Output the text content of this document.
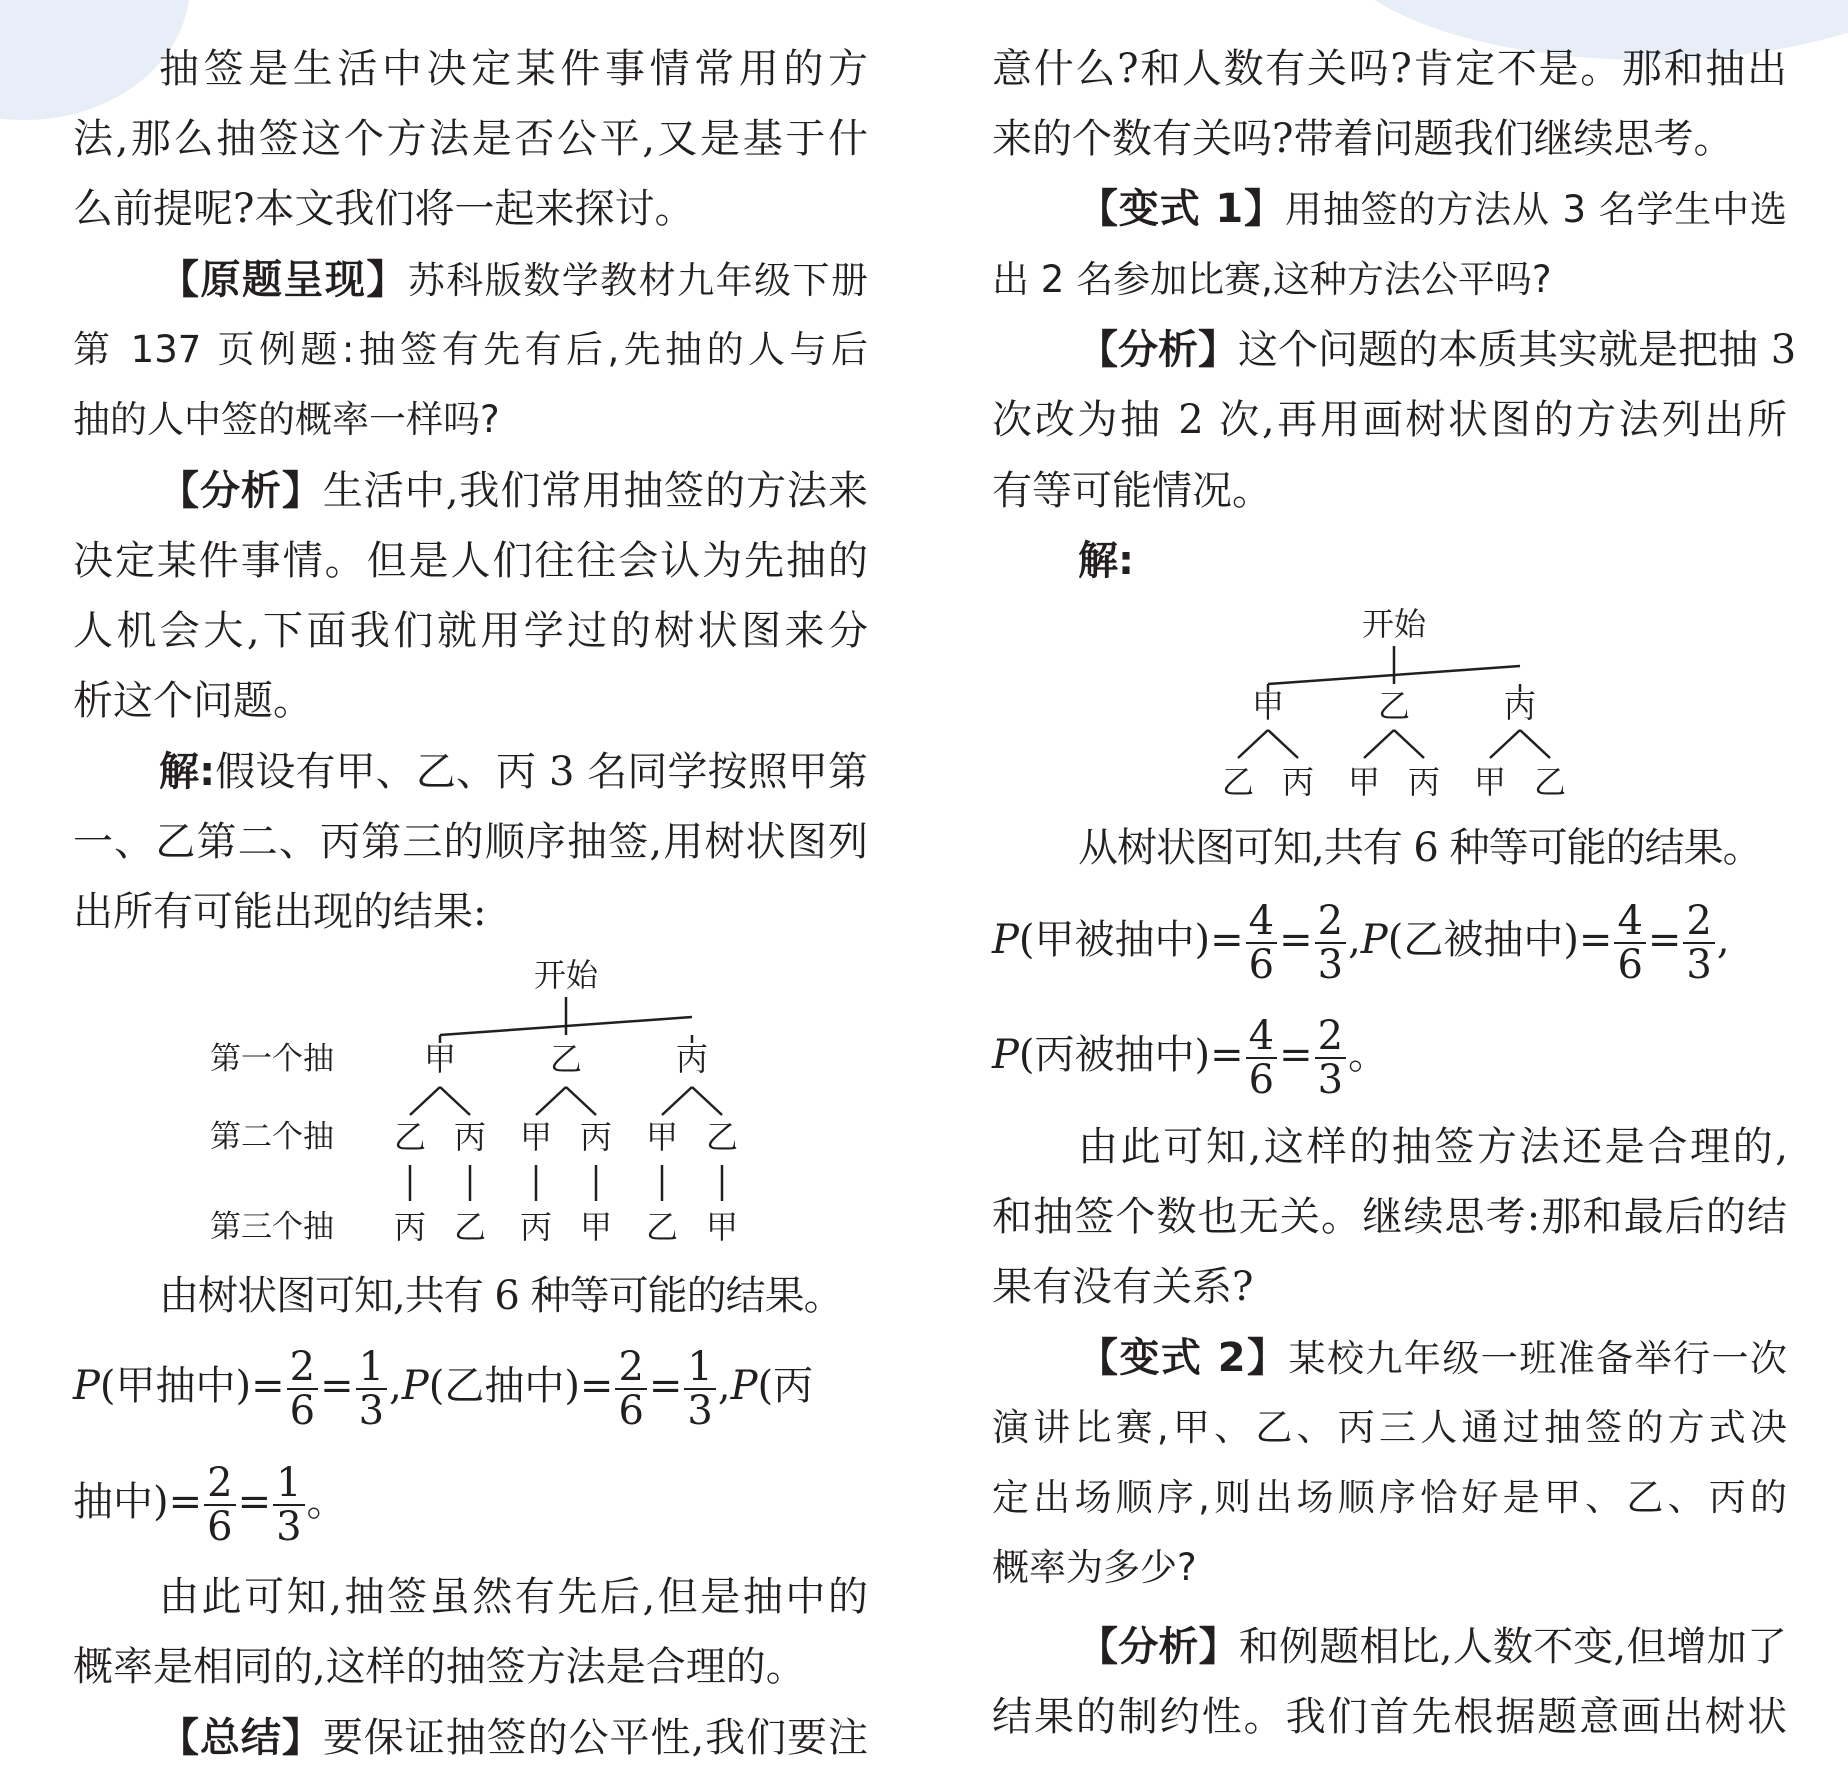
抽签是生活中决定某件事情常用的方
法,那么抽签这个方法是否公平,又是基于什
么前提呢?本文我们将一起来探讨。
【原题呈现】苏科版数学教材九年级下册
第 137 页例题:抽签有先有后,先抽的人与后
抽的人中签的概率一样吗?
【分析】生活中,我们常用抽签的方法来
决定某件事情。但是人们往往会认为先抽的
人机会大,下面我们就用学过的树状图来分
析这个问题。
解:假设有甲、乙、丙 3 名同学按照甲第
一、乙第二、丙第三的顺序抽签,用树状图列
出所有可能出现的结果:
开始
第一个抽
第二个抽
第三个抽
甲	乙	丙
乙 丙 甲 丙 甲 乙
丙 乙 丙 甲 乙 甲
由树状图可知,共有 6 种等可能的结果。
P(甲抽中)= $\frac{2}{6} = \frac{1}{3} ,P$(乙抽中)= $\frac{2}{6} = \frac{1}{3} ,P$(丙
抽中)= $\frac{2}{6} = \frac{1}{3}$ 。
由此可知,抽签虽然有先后,但是抽中的
概率是相同的,这样的抽签方法是合理的。
【总结】要保证抽签的公平性,我们要注
意什么?和人数有关吗?肯定不是。那和抽出
来的个数有关吗?带着问题我们继续思考。
【变式 1】用抽签的方法从 3 名学生中选
出 2 名参加比赛,这种方法公平吗?
【分析】这个问题的本质其实就是把抽 3
次改为抽 2 次,再用画树状图的方法列出所
有等可能情况。
解:
开始
甲	乙	丙
乙 丙 甲 丙 甲 乙
从树状图可知,共有 6 种等可能的结果。
P(甲被抽中)= $\frac{4}{6} = \frac{2}{3} ,P$(乙被抽中)= $\frac{4}{6} = \frac{2}{3}$ ,
P(丙被抽中)= $\frac{4}{6} = \frac{2}{3}$ 。
由此可知,这样的抽签方法还是合理的,
和抽签个数也无关。继续思考:那和最后的结
果有没有关系?
【变式 2】某校九年级一班准备举行一次
演讲比赛,甲、乙、丙三人通过抽签的方式决
定出场顺序,则出场顺序恰好是甲、乙、丙的
概率为多少?
【分析】和例题相比,人数不变,但增加了
结果的制约性。我们首先根据题意画出树状
